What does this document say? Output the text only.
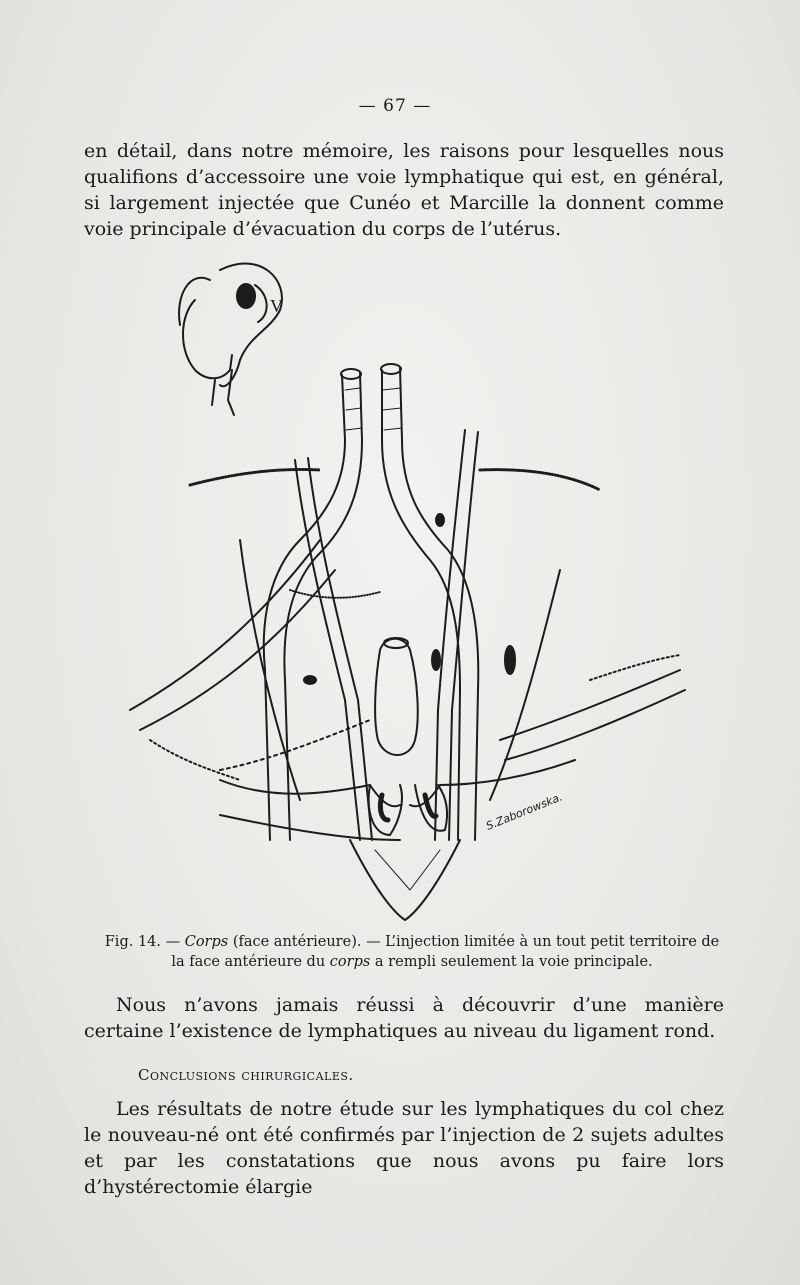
— 67 —
en détail, dans notre mémoire, les raisons pour lesquelles nous qualifions d’accessoire une voie lymphatique qui est, en général, si largement injectée que Cunéo et Marcille la donnent comme voie principale d’évacuation du corps de l’utérus.
V
S.Zaborowska.
Fig. 14. — Corps (face antérieure). — L’injection limitée à un tout petit territoire de la face antérieure du corps a rempli seulement la voie principale.
Nous n’avons jamais réussi à découvrir d’une manière certaine l’existence de lymphatiques au niveau du ligament rond.
Conclusions chirurgicales.
Les résultats de notre étude sur les lymphatiques du col chez le nouveau-né ont été confirmés par l’injection de 2 sujets adultes et par les constatations que nous avons pu faire lors d’hystérectomie élargie
